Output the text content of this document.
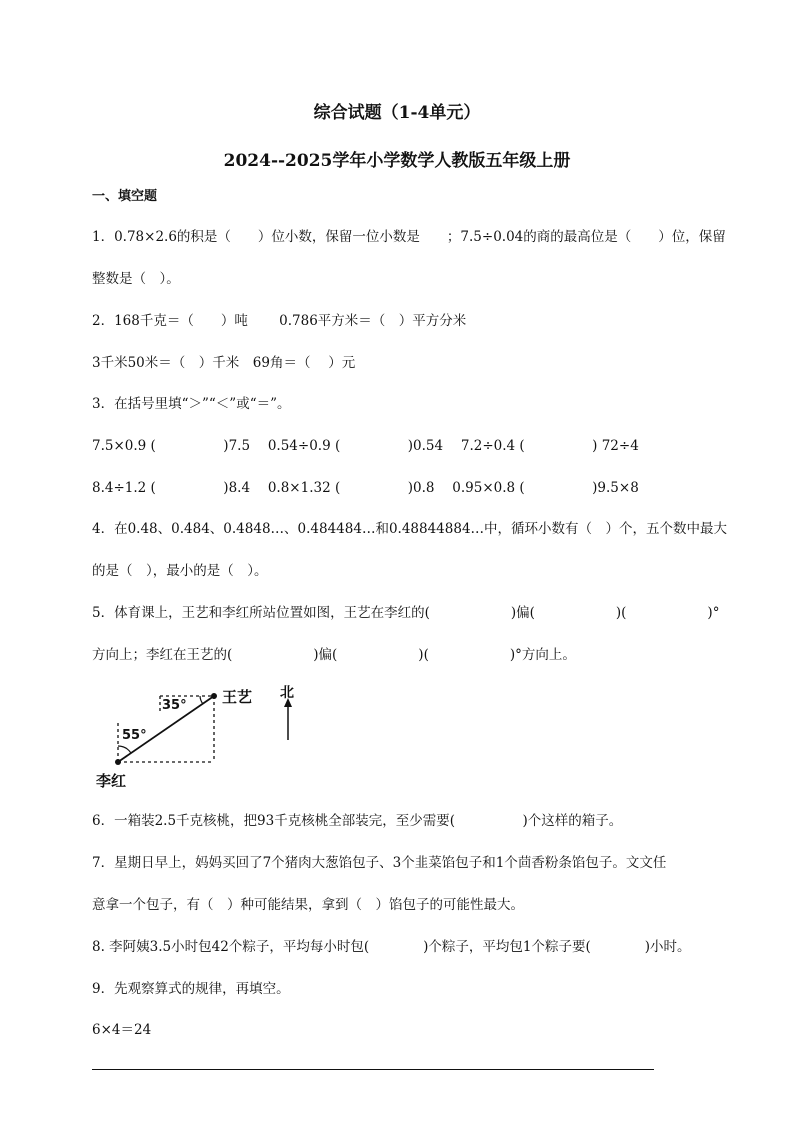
综合试题（1-4单元）
2024--2025学年小学数学人教版五年级上册
一、填空题
1．0.78×2.6的积是（　　）位小数，保留一位小数是　　；7.5÷0.04的商的最高位是（　　）位，保留
整数是（　）。
2．168千克＝（　　）吨　　 0.786平方米＝（　）平方分米
3千米50米＝（　）千米　69角＝（　 ）元
3．在括号里填“＞”“＜”或“＝”。
7.5×0.9 (　　　　　)7.5　 0.54÷0.9 (　　　　　)0.54　 7.2÷0.4 (　　　　　) 72÷4
8.4÷1.2 (　　　　　)8.4　 0.8×1.32 (　　　　　)0.8　 0.95×0.8 (　　　　　)9.5×8
4．在0.48、0.484、0.4848…、0.484484…和0.48844884…中，循环小数有（　）个，五个数中最大
的是（　），最小的是（　）。
5．体育课上，王艺和李红所站位置如图，王艺在李红的(　　　　　　)偏(　　　　　　)(　　　　　　)°
方向上；李红在王艺的(　　　　　　)偏(　　　　　　)(　　　　　　)°方向上。
35°
55°
王艺
李红
北
6．一箱装2.5千克核桃，把93千克核桃全部装完，至少需要(　　　　　)个这样的箱子。
7．星期日早上，妈妈买回了7个猪肉大葱馅包子、3个韭菜馅包子和1个茴香粉条馅包子。文文任
意拿一个包子，有（　）种可能结果，拿到（　）馅包子的可能性最大。
8. 李阿姨3.5小时包42个粽子，平均每小时包(　　　　)个粽子，平均包1个粽子要(　　　　)小时。
9．先观察算式的规律，再填空。
6×4＝24
